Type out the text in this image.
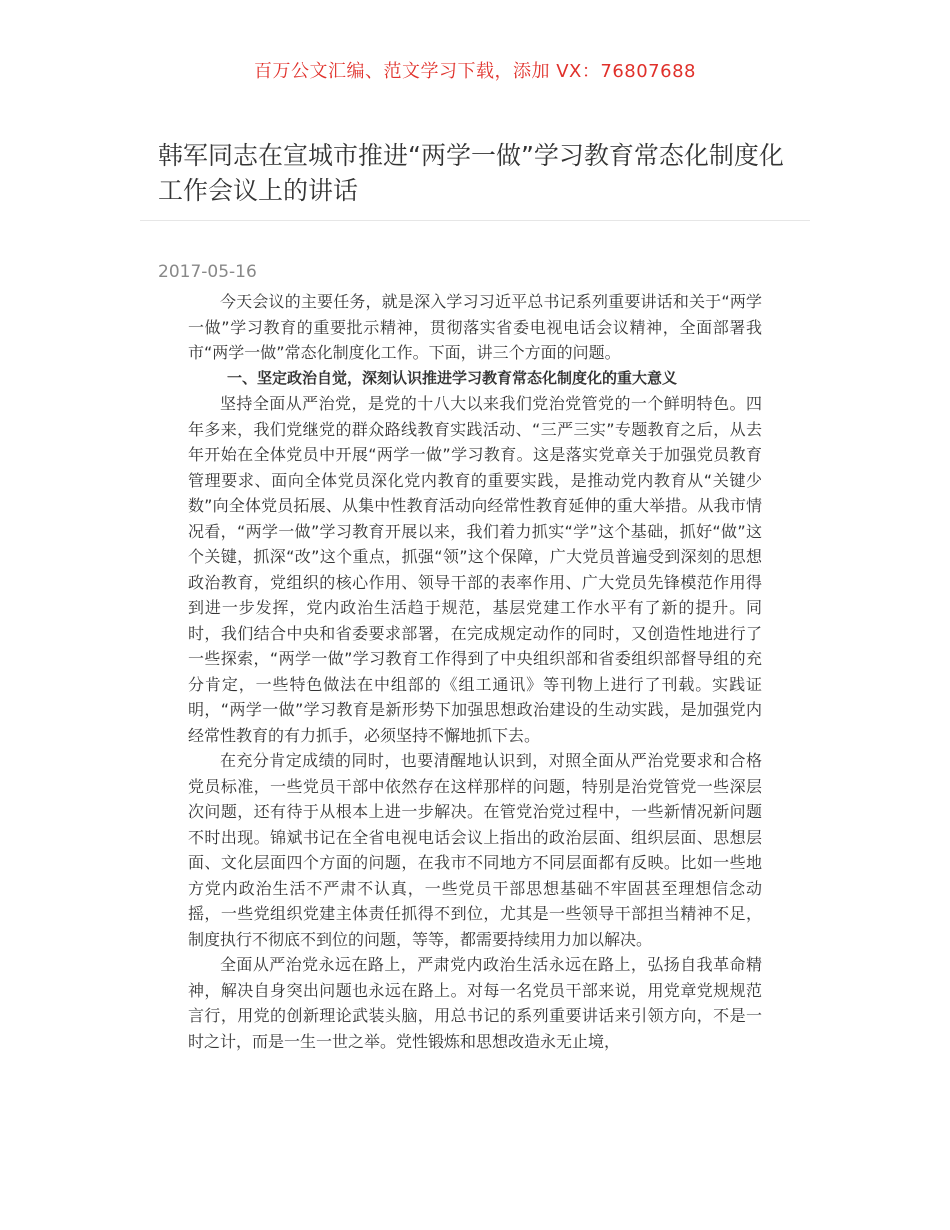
百万公文汇编、范文学习下载，添加 VX：76807688
韩军同志在宣城市推进“两学一做”学习教育常态化制度化工作会议上的讲话
2017-05-16

今天会议的主要任务，就是深入学习习近平总书记系列重要讲话和关于“两学一做”学习教育的重要批示精神，贯彻落实省委电视电话会议精神，全面部署我市“两学一做”常态化制度化工作。下面，讲三个方面的问题。

一、坚定政治自觉，深刻认识推进学习教育常态化制度化的重大意义

坚持全面从严治党，是党的十八大以来我们党治党管党的一个鲜明特色。四年多来，我们党继党的群众路线教育实践活动、“三严三实”专题教育之后，从去年开始在全体党员中开展“两学一做”学习教育。这是落实党章关于加强党员教育管理要求、面向全体党员深化党内教育的重要实践，是推动党内教育从“关键少数”向全体党员拓展、从集中性教育活动向经常性教育延伸的重大举措。从我市情况看，“两学一做”学习教育开展以来，我们着力抓实“学”这个基础，抓好“做”这个关键，抓深“改”这个重点，抓强“领”这个保障，广大党员普遍受到深刻的思想政治教育，党组织的核心作用、领导干部的表率作用、广大党员先锋模范作用得到进一步发挥，党内政治生活趋于规范，基层党建工作水平有了新的提升。同时，我们结合中央和省委要求部署，在完成规定动作的同时，又创造性地进行了一些探索，“两学一做”学习教育工作得到了中央组织部和省委组织部督导组的充分肯定，一些特色做法在中组部的《组工通讯》等刊物上进行了刊载。实践证明，“两学一做”学习教育是新形势下加强思想政治建设的生动实践，是加强党内经常性教育的有力抓手，必须坚持不懈地抓下去。

在充分肯定成绩的同时，也要清醒地认识到，对照全面从严治党要求和合格党员标准，一些党员干部中依然存在这样那样的问题，特别是治党管党一些深层次问题，还有待于从根本上进一步解决。在管党治党过程中，一些新情况新问题不时出现。锦斌书记在全省电视电话会议上指出的政治层面、组织层面、思想层面、文化层面四个方面的问题，在我市不同地方不同层面都有反映。比如一些地方党内政治生活不严肃不认真，一些党员干部思想基础不牢固甚至理想信念动摇，一些党组织党建主体责任抓得不到位，尤其是一些领导干部担当精神不足，制度执行不彻底不到位的问题，等等，都需要持续用力加以解决。

全面从严治党永远在路上，严肃党内政治生活永远在路上，弘扬自我革命精神，解决自身突出问题也永远在路上。对每一名党员干部来说，用党章党规规范言行，用党的创新理论武装头脑，用总书记的系列重要讲话来引领方向，不是一时之计，而是一生一世之举。党性锻炼和思想改造永无止境，
